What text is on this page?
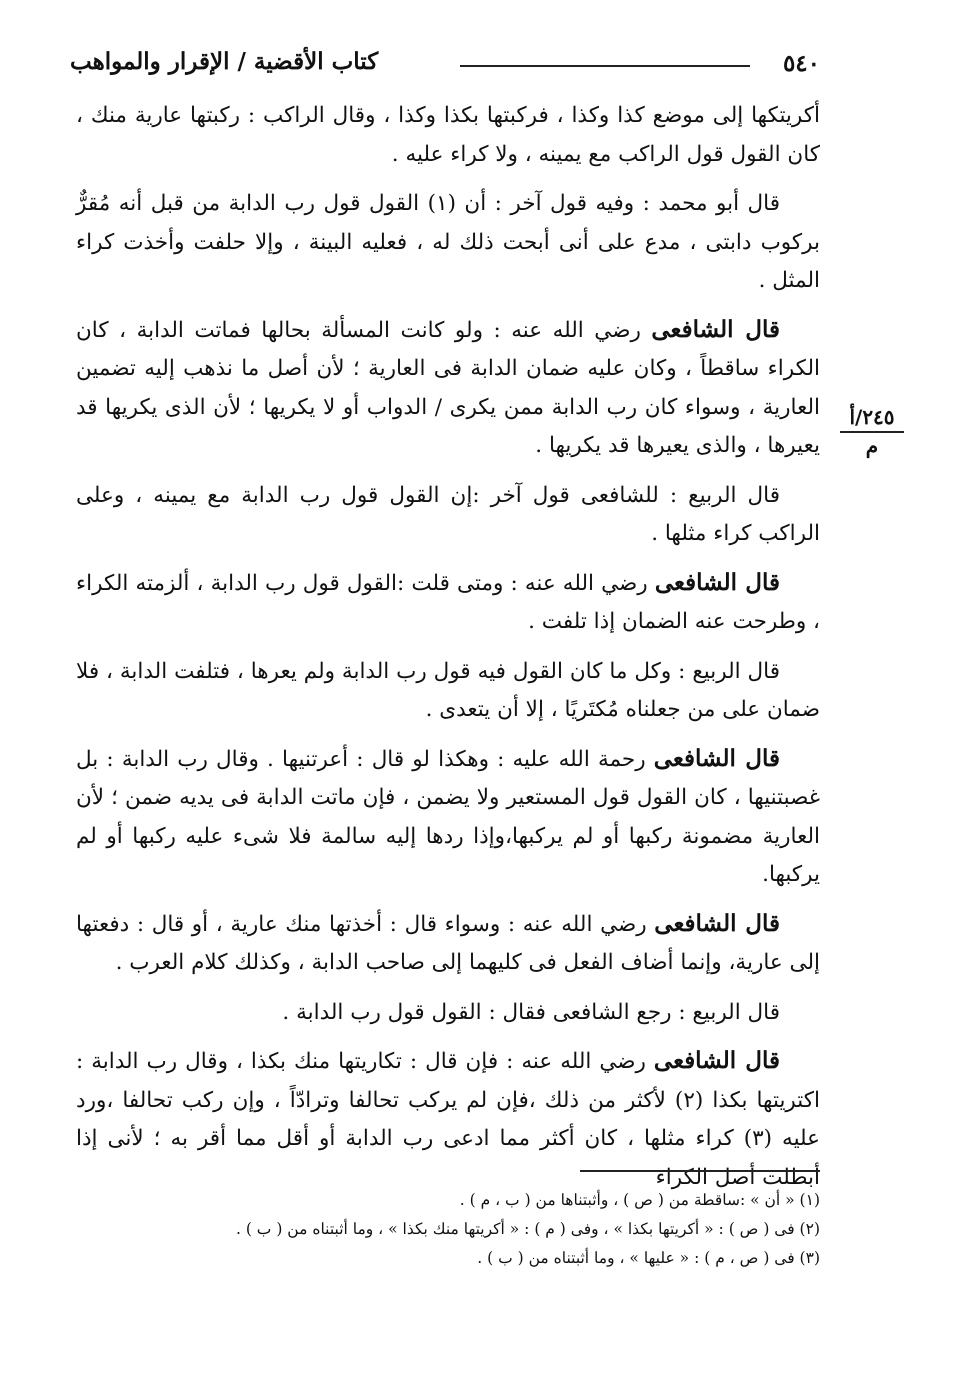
٥٤٠
كتاب الأقضية / الإقرار والمواهب
٢٤٥/أ
م

أكريتكها إلى موضع كذا وكذا ، فركبتها بكذا وكذا ، وقال الراكب : ركبتها عارية منك ، كان القول قول الراكب مع يمينه ، ولا كراء عليه .

قال أبو محمد : وفيه قول آخر : أن (١) القول قول رب الدابة من قبل أنه مُقرٌّ بركوب دابتى ، مدع على أنى أبحت ذلك له ، فعليه البينة ، وإلا حلفت وأخذت كراء المثل .

قال الشافعى رضي الله عنه : ولو كانت المسألة بحالها فماتت الدابة ، كان الكراء ساقطاً ، وكان عليه ضمان الدابة فى العارية ؛ لأن أصل ما نذهب إليه تضمين العارية ، وسواء كان رب الدابة ممن يكرى / الدواب أو لا يكريها ؛ لأن الذى يكريها قد يعيرها ، والذى يعيرها قد يكريها .

قال الربيع : للشافعى قول آخر :إن القول قول رب الدابة مع يمينه ، وعلى الراكب كراء مثلها .

قال الشافعى رضي الله عنه : ومتى قلت :القول قول رب الدابة ، ألزمته الكراء ، وطرحت عنه الضمان إذا تلفت .

قال الربيع : وكل ما كان القول فيه قول رب الدابة ولم يعرها ، فتلفت الدابة ، فلا ضمان على من جعلناه مُكتَريًا ، إلا أن يتعدى .

قال الشافعى رحمة الله عليه : وهكذا لو قال : أعرتنيها . وقال رب الدابة : بل غصبتنيها ، كان القول قول المستعير ولا يضمن ، فإن ماتت الدابة فى يديه ضمن ؛ لأن العارية مضمونة ركبها أو لم يركبها،وإذا ردها إليه سالمة فلا شىء عليه ركبها أو لم يركبها.

قال الشافعى رضي الله عنه : وسواء قال : أخذتها منك عارية ، أو قال : دفعتها إلى عارية، وإنما أضاف الفعل فى كليهما إلى صاحب الدابة ، وكذلك كلام العرب .

قال الربيع : رجع الشافعى فقال : القول قول رب الدابة .

قال الشافعى رضي الله عنه : فإن قال : تكاريتها منك بكذا ، وقال رب الدابة : اكتريتها بكذا (٢) لأكثر من ذلك ،فإن لم يركب تحالفا وترادّاً ، وإن ركب تحالفا ،ورد عليه (٣) كراء مثلها ، كان أكثر مما ادعى رب الدابة أو أقل مما أقر به ؛ لأنى إذا أبطلت أصل الكراء

(١) « أن » :ساقطة من ( ص ) ، وأثبتناها من ( ب ، م ) .

(٢) فى ( ص ) : « أكريتها بكذا » ، وفى ( م ) : « أكريتها منك بكذا » ، وما أثبتناه من ( ب ) .

(٣) فى ( ص ، م ) : « عليها » ، وما أثبتناه من ( ب ) .
